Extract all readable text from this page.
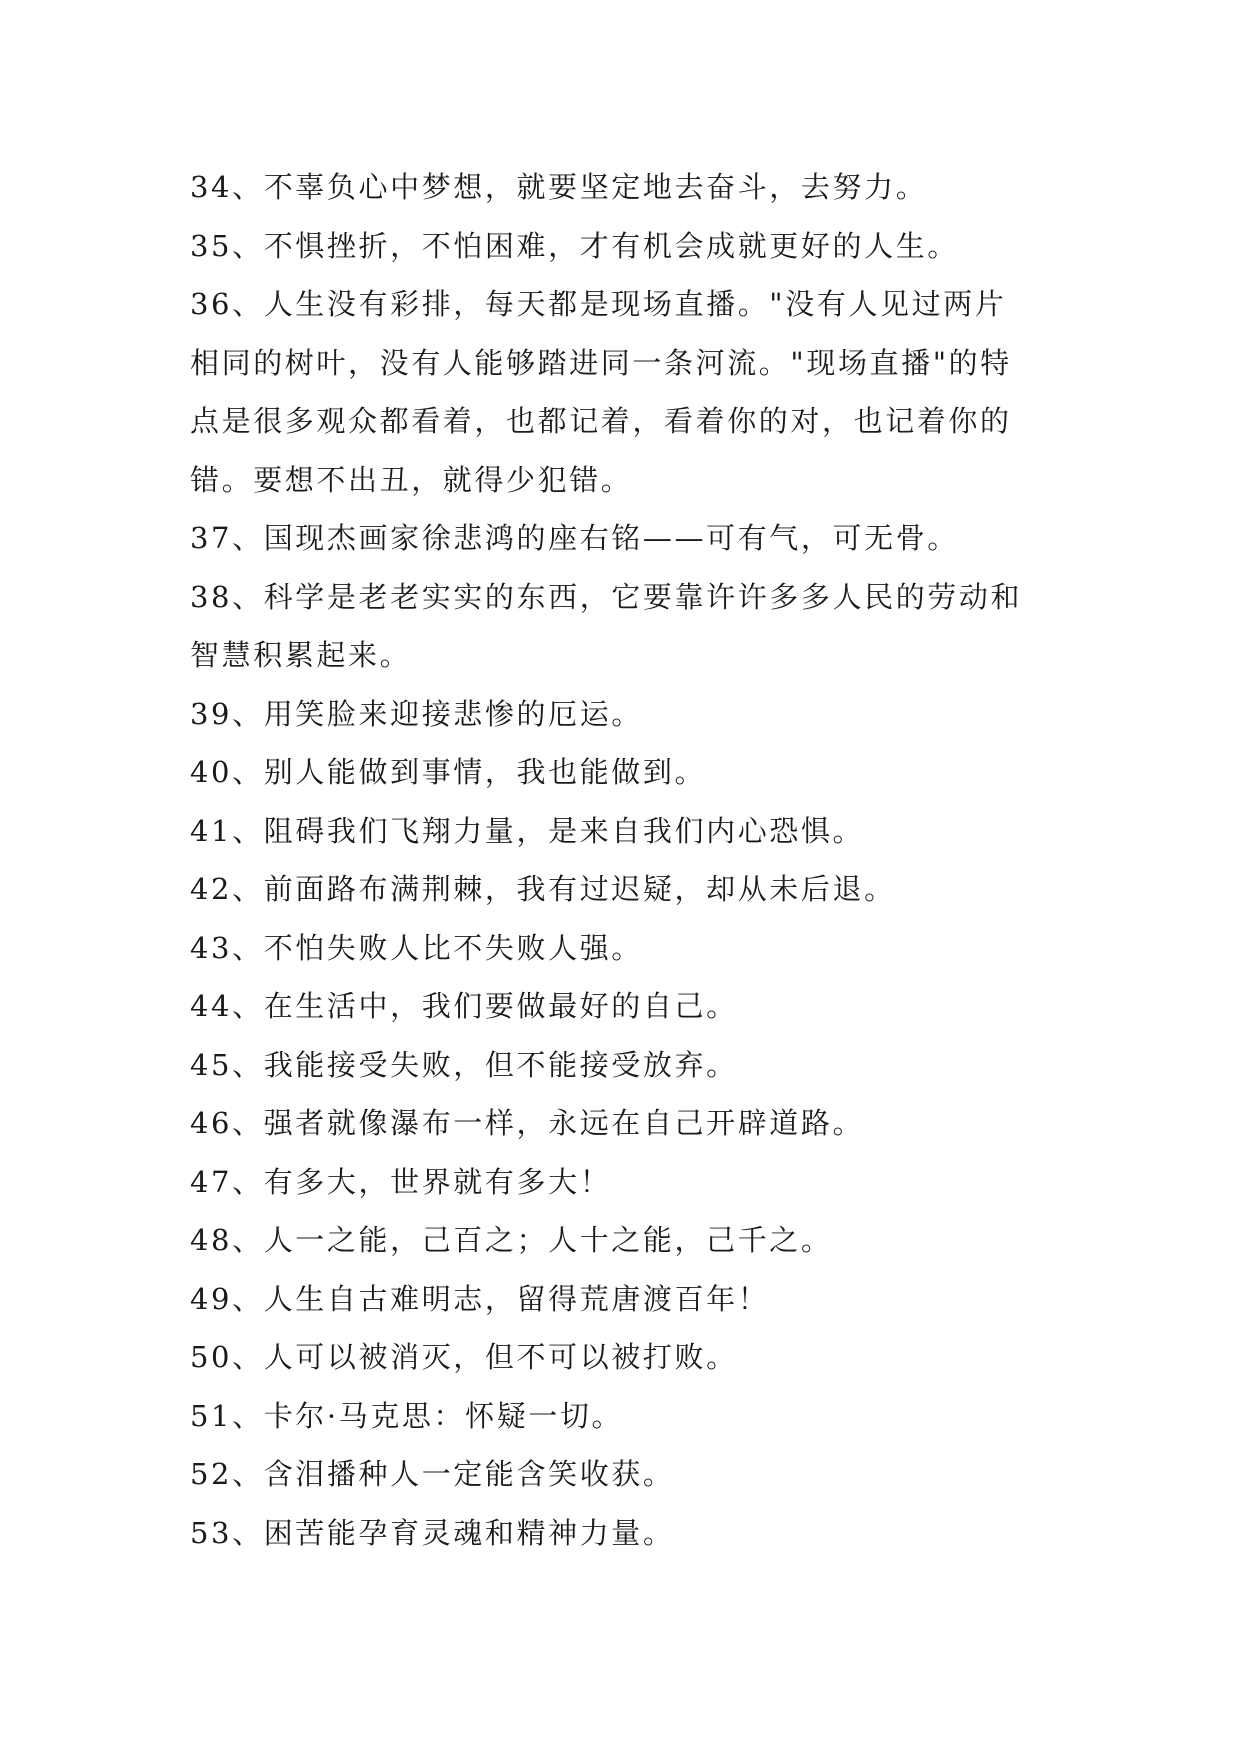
34、不辜负心中梦想，就要坚定地去奋斗，去努力。
35、不惧挫折，不怕困难，才有机会成就更好的人生。
36、人生没有彩排，每天都是现场直播。"没有人见过两片
相同的树叶，没有人能够踏进同一条河流。"现场直播"的特
点是很多观众都看着，也都记着，看着你的对，也记着你的
错。要想不出丑，就得少犯错。
37、国现杰画家徐悲鸿的座右铭——可有气，可无骨。
38、科学是老老实实的东西，它要靠许许多多人民的劳动和
智慧积累起来。
39、用笑脸来迎接悲惨的厄运。
40、别人能做到事情，我也能做到。
41、阻碍我们飞翔力量，是来自我们内心恐惧。
42、前面路布满荆棘，我有过迟疑，却从未后退。
43、不怕失败人比不失败人强。
44、在生活中，我们要做最好的自己。
45、我能接受失败，但不能接受放弃。
46、强者就像瀑布一样，永远在自己开辟道路。
47、有多大，世界就有多大！
48、人一之能，己百之；人十之能，己千之。
49、人生自古难明志，留得荒唐渡百年！
50、人可以被消灭，但不可以被打败。
51、卡尔·马克思：怀疑一切。
52、含泪播种人一定能含笑收获。
53、困苦能孕育灵魂和精神力量。
